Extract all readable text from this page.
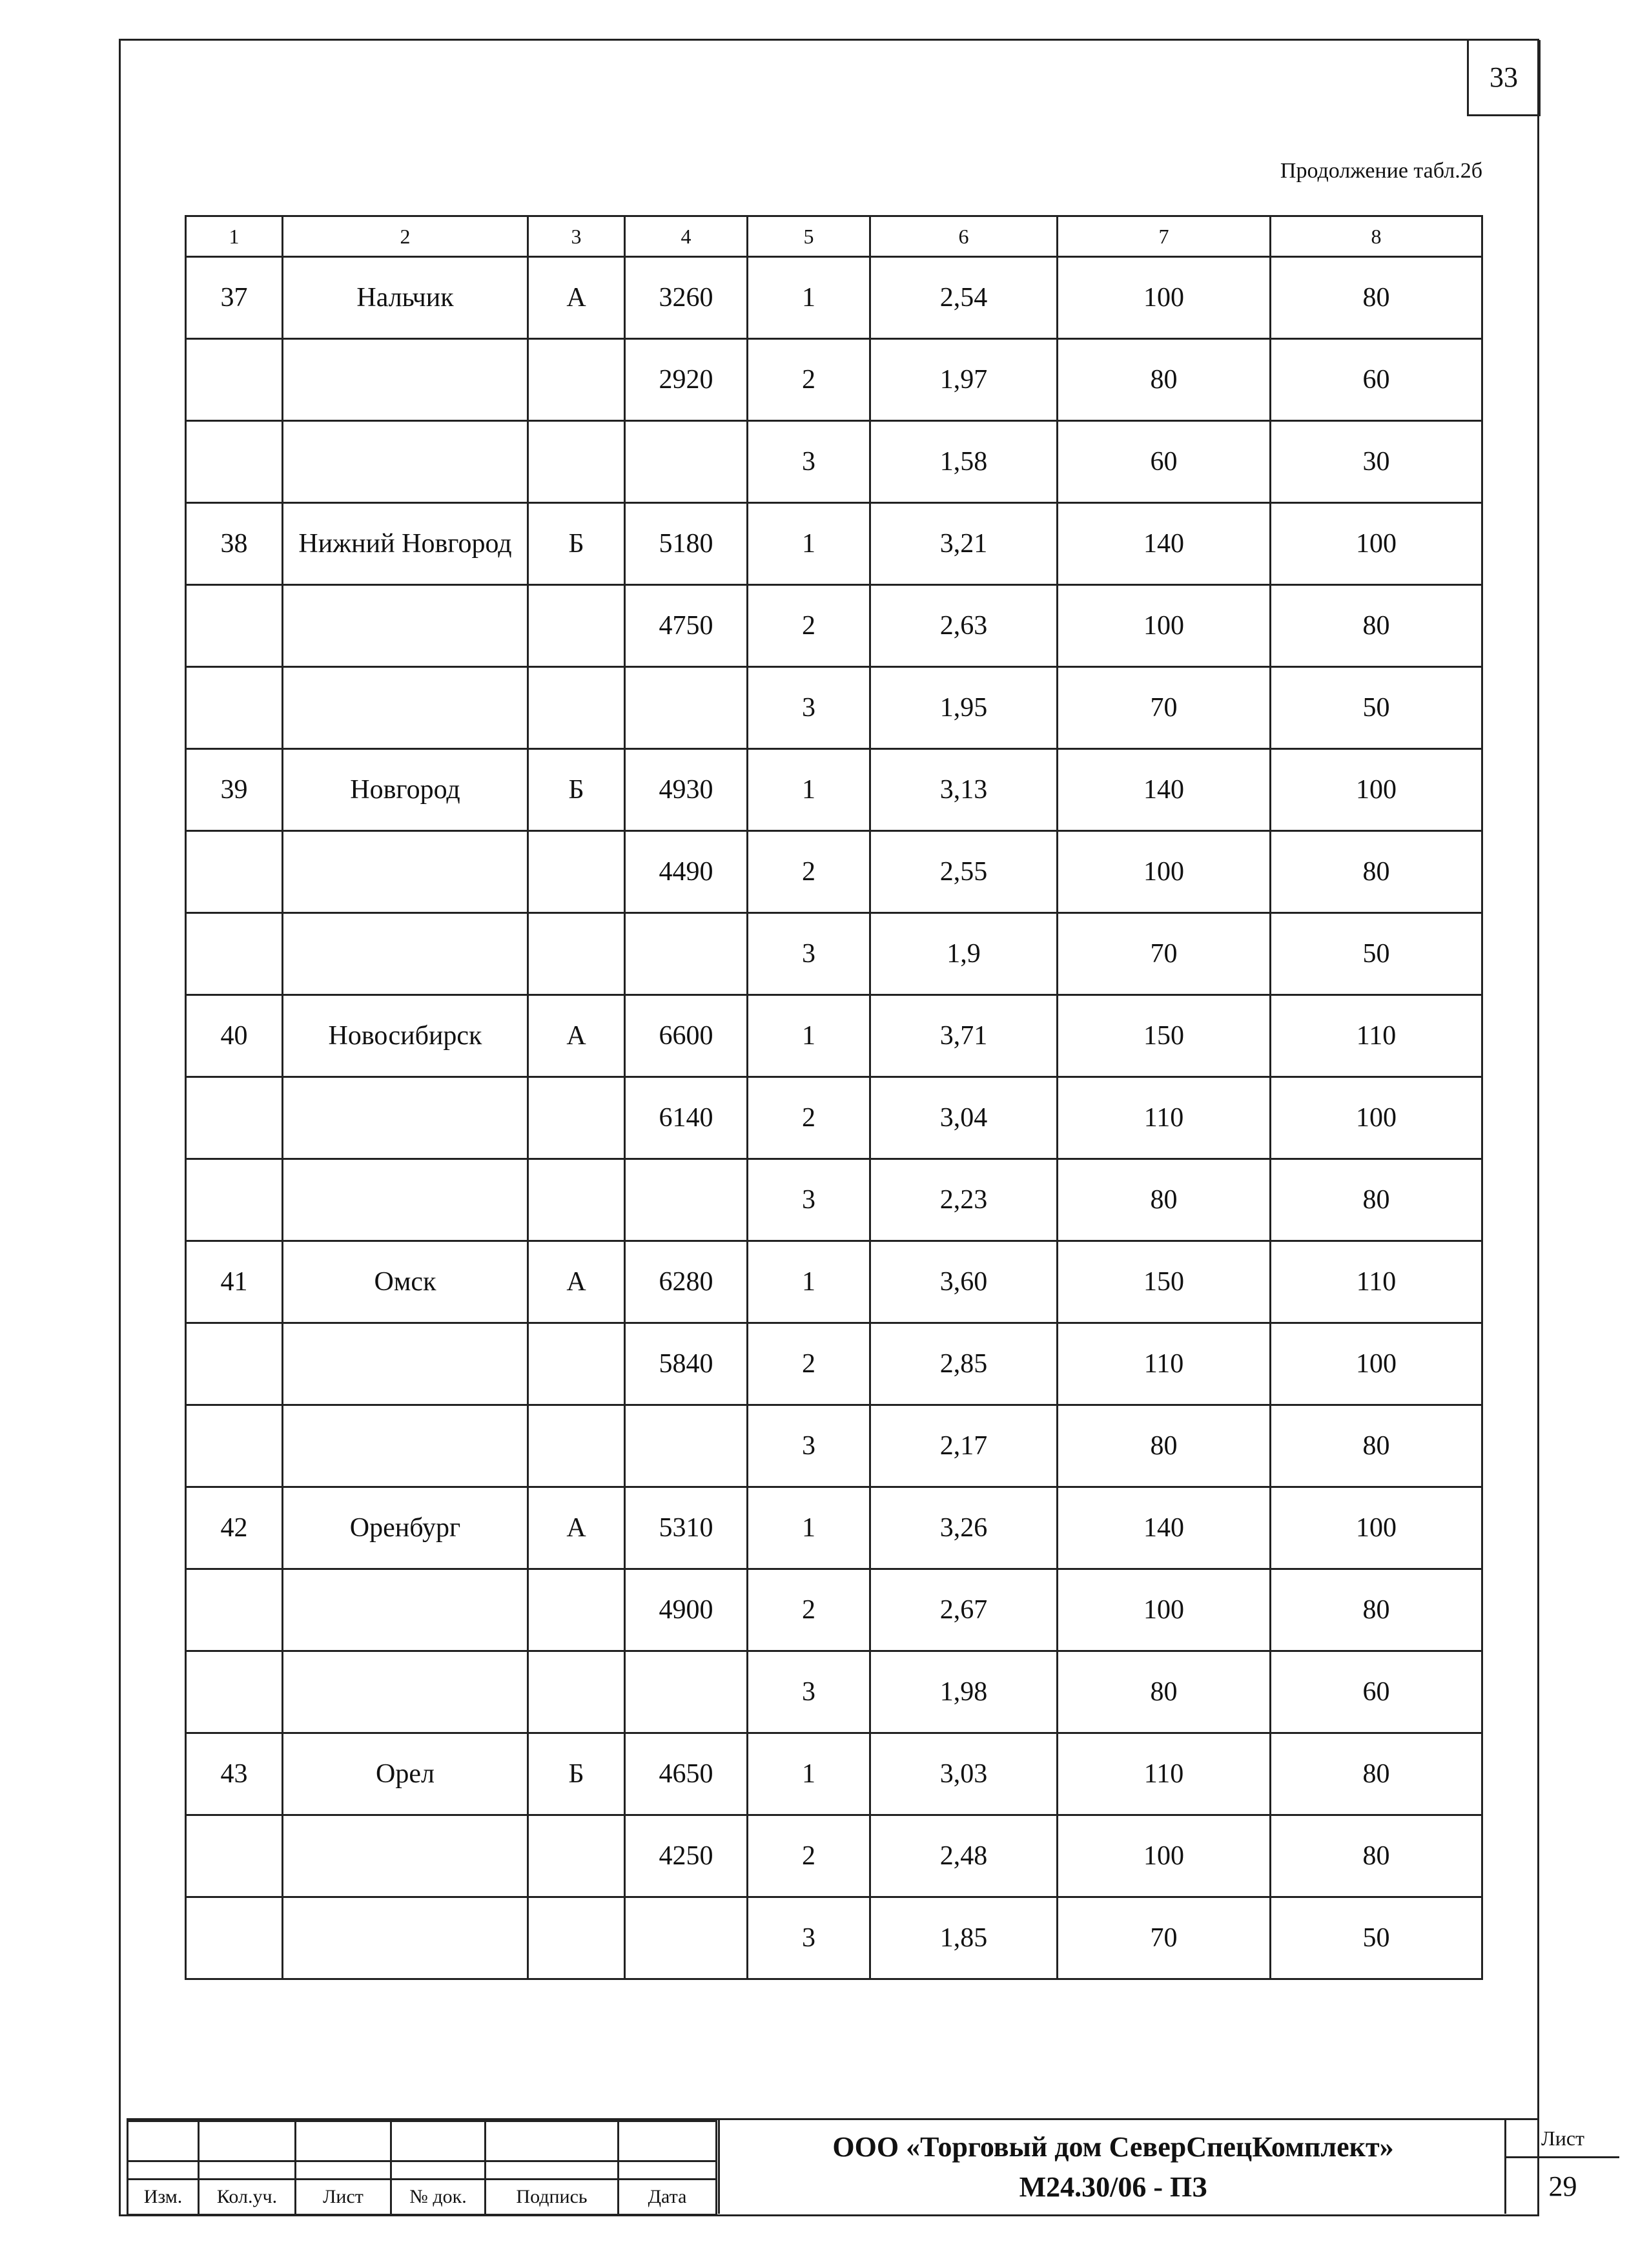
33
Продолжение табл.2б
1	2	3	4	5	6	7	8
37	Нальчик	А	3260	1	2,54	100	80
			2920	2	1,97	80	60
				3	1,58	60	30
38	Нижний Новгород	Б	5180	1	3,21	140	100
			4750	2	2,63	100	80
				3	1,95	70	50
39	Новгород	Б	4930	1	3,13	140	100
			4490	2	2,55	100	80
				3	1,9	70	50
40	Новосибирск	А	6600	1	3,71	150	110
			6140	2	3,04	110	100
				3	2,23	80	80
41	Омск	А	6280	1	3,60	150	110
			5840	2	2,85	110	100
				3	2,17	80	80
42	Оренбург	А	5310	1	3,26	140	100
			4900	2	2,67	100	80
				3	1,98	80	60
43	Орел	Б	4650	1	3,03	110	80
			4250	2	2,48	100	80
				3	1,85	70	50

Изм.	Кол.уч.	Лист	№ док.	Подпись	Дата
ООО «Торговый дом СеверСпецКомплект»
М24.30/06 - ПЗ
Лист
29
